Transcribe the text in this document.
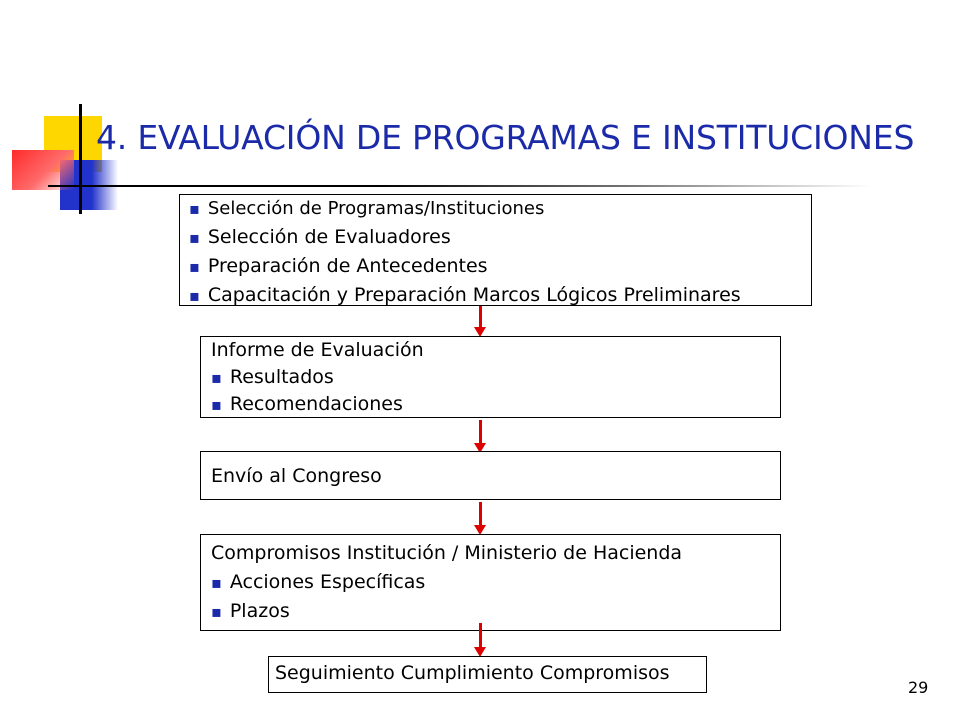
4. EVALUACIÓN DE PROGRAMAS E INSTITUCIONES
▪ Selección de Programas/Instituciones
▪ Selección de Evaluadores
▪ Preparación de Antecedentes
▪ Capacitación y Preparación Marcos Lógicos Preliminares
Informe de Evaluación
▪ Resultados
▪ Recomendaciones
Envío al Congreso
Compromisos Institución / Ministerio de Hacienda
▪ Acciones Específicas
▪ Plazos
Seguimiento Cumplimiento Compromisos
29
